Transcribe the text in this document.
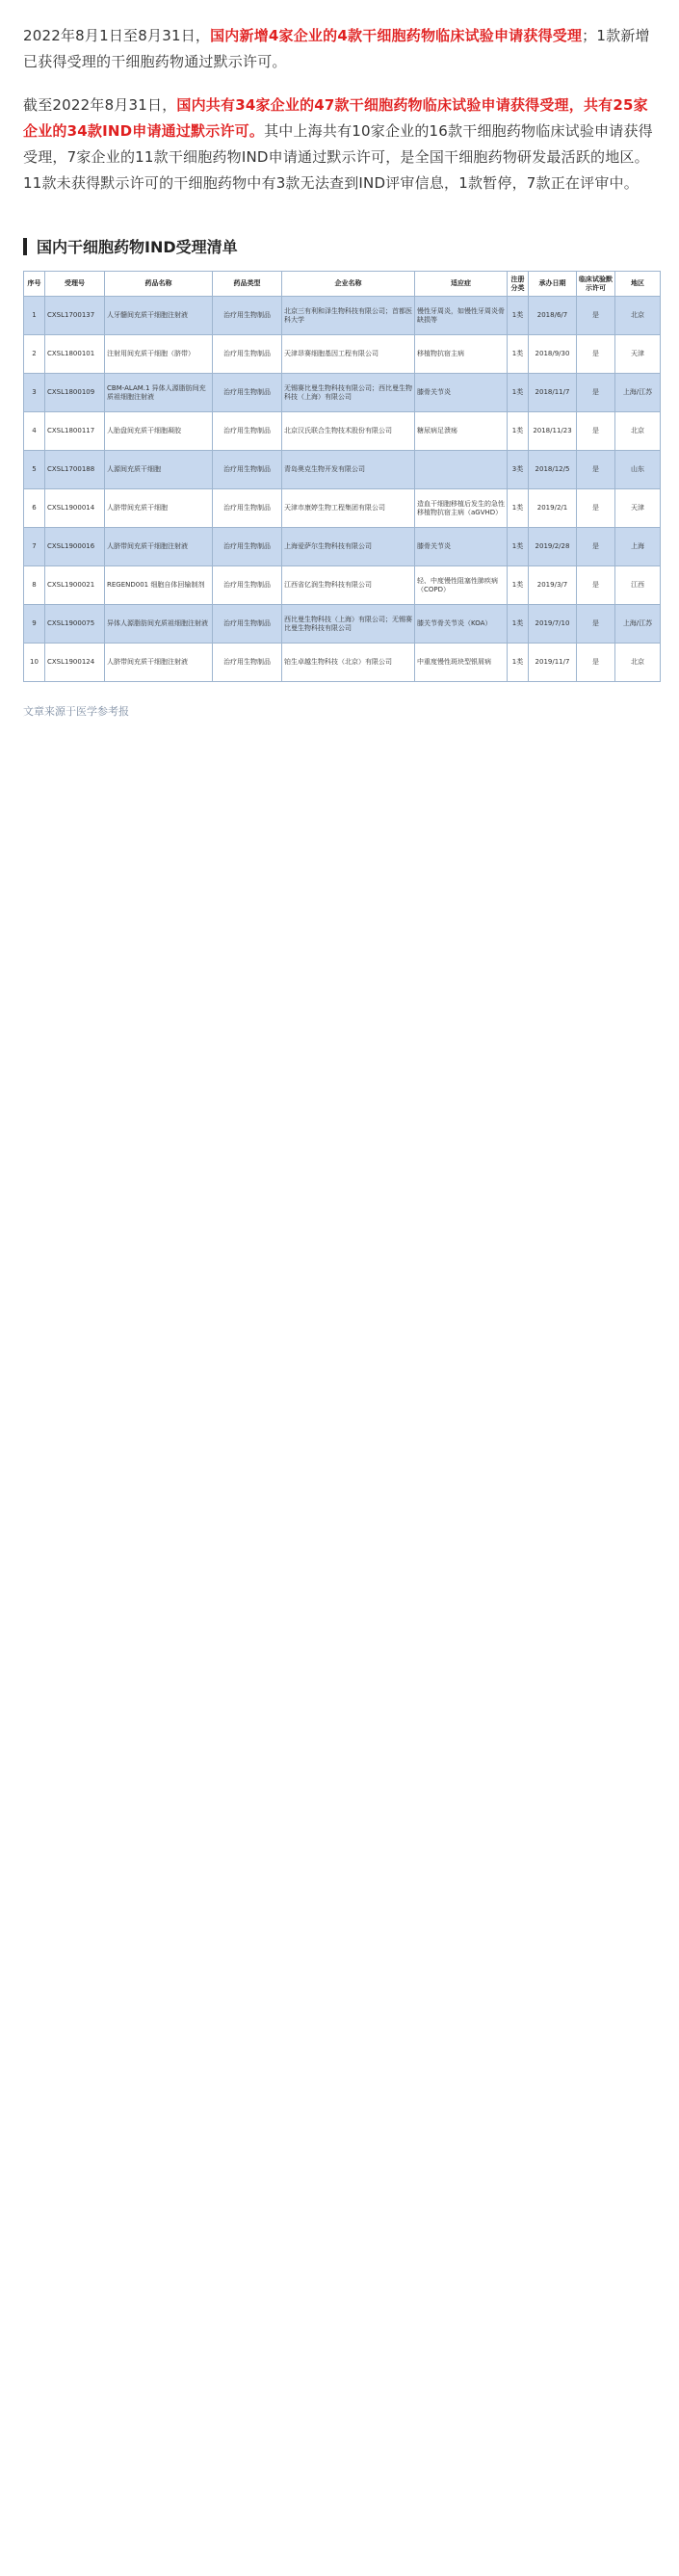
2022年8月1日至8月31日，国内新增4家企业的4款干细胞药物临床试验申请获得受理；1款新增已获得受理的干细胞药物通过默示许可。

截至2022年8月31日，国内共有34家企业的47款干细胞药物临床试验申请获得受理，共有25家企业的34款IND申请通过默示许可。其中上海共有10家企业的16款干细胞药物临床试验申请获得受理，7家企业的11款干细胞药物IND申请通过默示许可，是全国干细胞药物研发最活跃的地区。11款未获得默示许可的干细胞药物中有3款无法查到IND评审信息，1款暂停，7款正在评审中。

国内干细胞药物IND受理清单
序号	受理号	药品名称	药品类型	企业名称	适应症	注册分类	承办日期	临床试验默示许可	地区
1	CXSL1700137	人牙髓间充质干细胞注射液	治疗用生物制品	北京三有利和泽生物科技有限公司；首都医科大学	慢性牙周炎，如慢性牙周炎骨缺损等	1类	2018/6/7	是	北京
2	CXSL1800101	注射用间充质干细胞（脐带）	治疗用生物制品	天津昂赛细胞基因工程有限公司	移植物抗宿主病	1类	2018/9/30	是	天津
3	CXSL1800109	CBM-ALAM.1 异体人源脂肪间充质祖细胞注射液	治疗用生物制品	无锡赛比曼生物科技有限公司；西比曼生物科技（上海）有限公司	膝骨关节炎	1类	2018/11/7	是	上海/江苏
4	CXSL1800117	人胎盘间充质干细胞凝胶	治疗用生物制品	北京汉氏联合生物技术股份有限公司	糖尿病足溃疡	1类	2018/11/23	是	北京
5	CXSL1700188	人源间充质干细胞	治疗用生物制品	青岛奥克生物开发有限公司		3类	2018/12/5	是	山东
6	CXSL1900014	人脐带间充质干细胞	治疗用生物制品	天津市康婷生物工程集团有限公司	造血干细胞移植后发生的急性移植物抗宿主病（aGVHD）	1类	2019/2/1	是	天津
7	CXSL1900016	人脐带间充质干细胞注射液	治疗用生物制品	上海爱萨尔生物科技有限公司	膝骨关节炎	1类	2019/2/28	是	上海
8	CXSL1900021	REGEND001 细胞自体回输制剂	治疗用生物制品	江西省亿润生物科技有限公司	轻、中度慢性阻塞性肺疾病（COPD）	1类	2019/3/7	是	江西
9	CXSL1900075	异体人源脂肪间充质祖细胞注射液	治疗用生物制品	西比曼生物科技（上海）有限公司；无锡赛比曼生物科技有限公司	膝关节骨关节炎（KOA）	1类	2019/7/10	是	上海/江苏
10	CXSL1900124	人脐带间充质干细胞注射液	治疗用生物制品	铂生卓越生物科技（北京）有限公司	中重度慢性斑块型银屑病	1类	2019/11/7	是	北京
文章来源于医学参考报
